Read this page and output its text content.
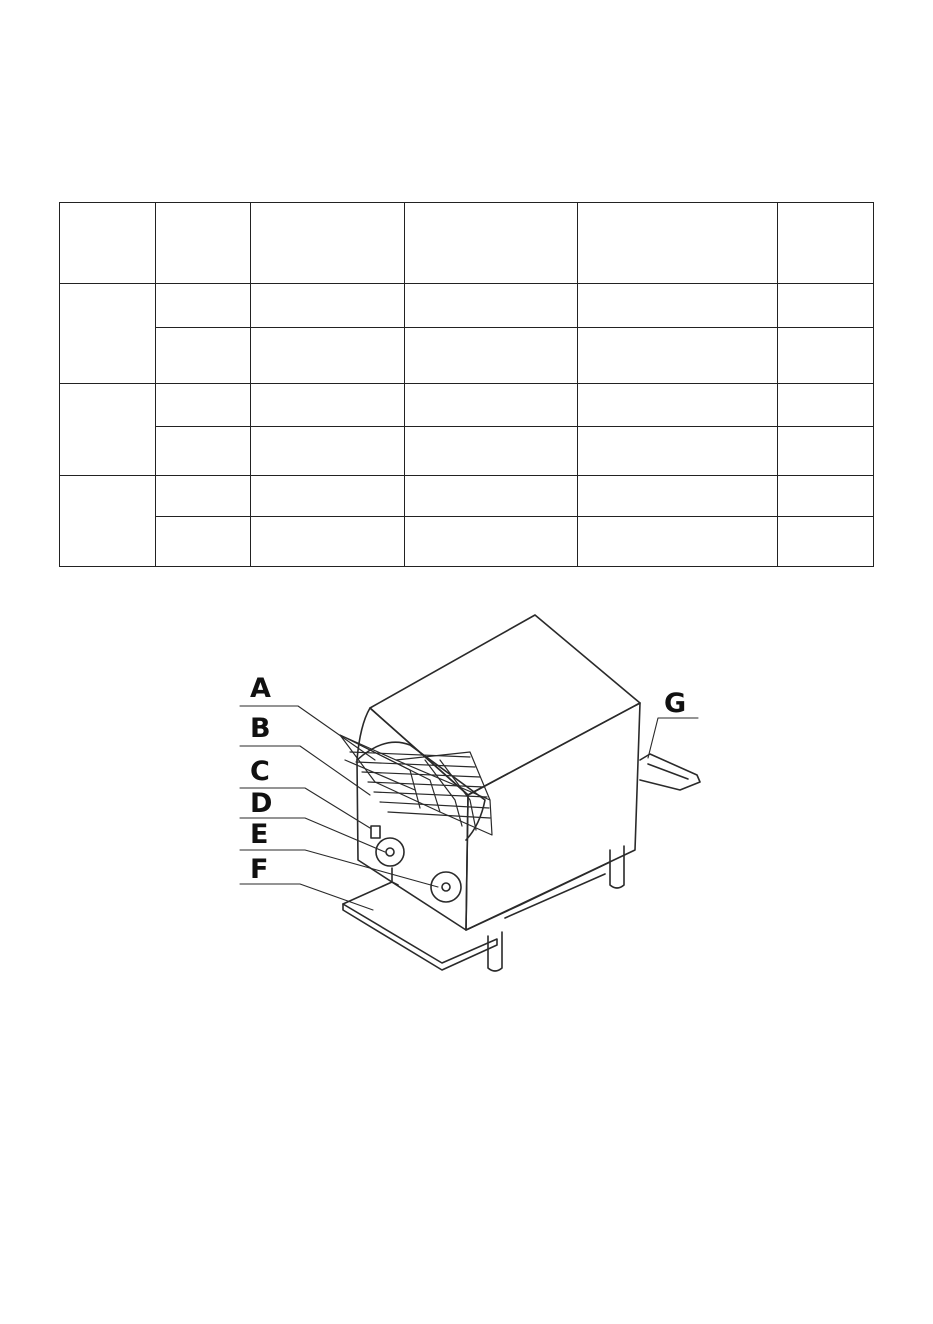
A
B
C
D
E
F
G
